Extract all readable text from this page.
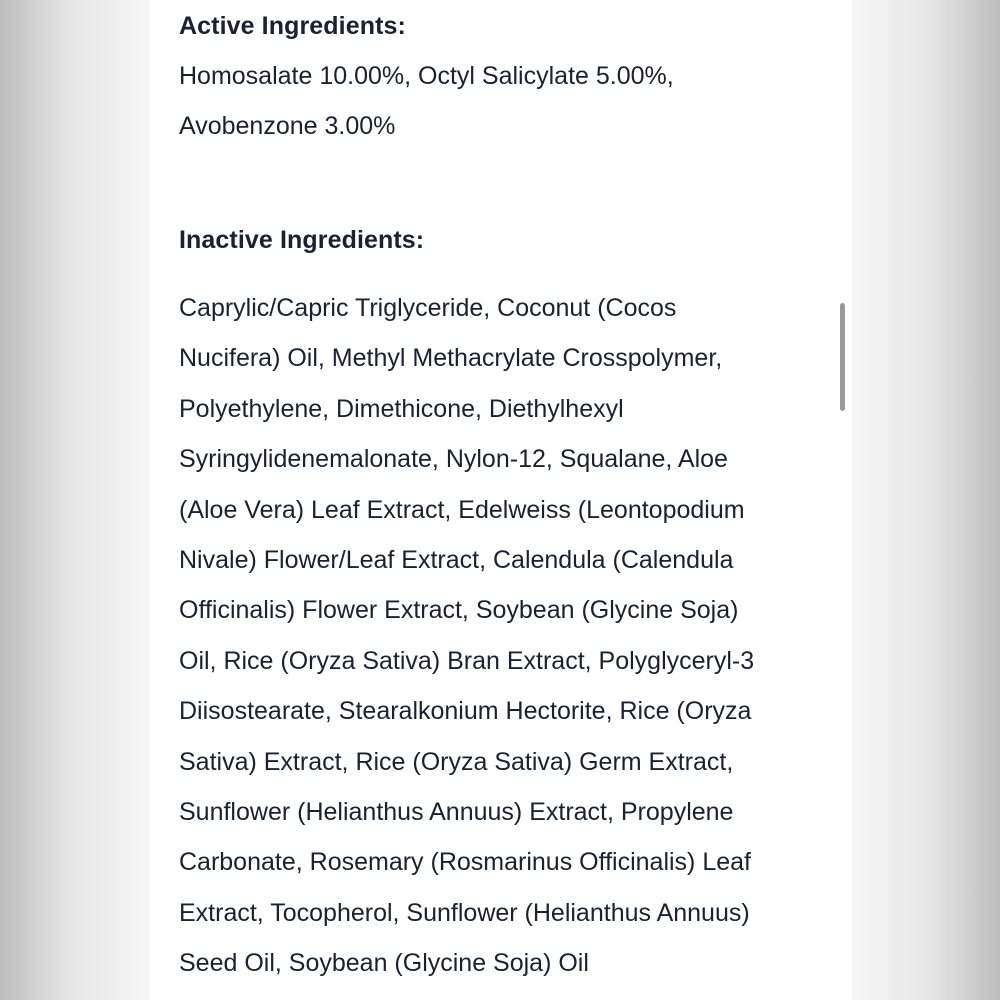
Active Ingredients:

Homosalate 10.00%, Octyl Salicylate 5.00%,

Avobenzone 3.00%

Inactive Ingredients:
Caprylic/Capric Triglyceride, Coconut (Cocos
Nucifera) Oil, Methyl Methacrylate Crosspolymer,
Polyethylene, Dimethicone, Diethylhexyl
Syringylidenemalonate, Nylon-12, Squalane, Aloe
(Aloe Vera) Leaf Extract, Edelweiss (Leontopodium
Nivale) Flower/Leaf Extract, Calendula (Calendula
Officinalis) Flower Extract, Soybean (Glycine Soja)
Oil, Rice (Oryza Sativa) Bran Extract, Polyglyceryl-3
Diisostearate, Stearalkonium Hectorite, Rice (Oryza
Sativa) Extract, Rice (Oryza Sativa) Germ Extract,
Sunflower (Helianthus Annuus) Extract, Propylene
Carbonate, Rosemary (Rosmarinus Officinalis) Leaf
Extract, Tocopherol, Sunflower (Helianthus Annuus)
Seed Oil, Soybean (Glycine Soja) Oil
